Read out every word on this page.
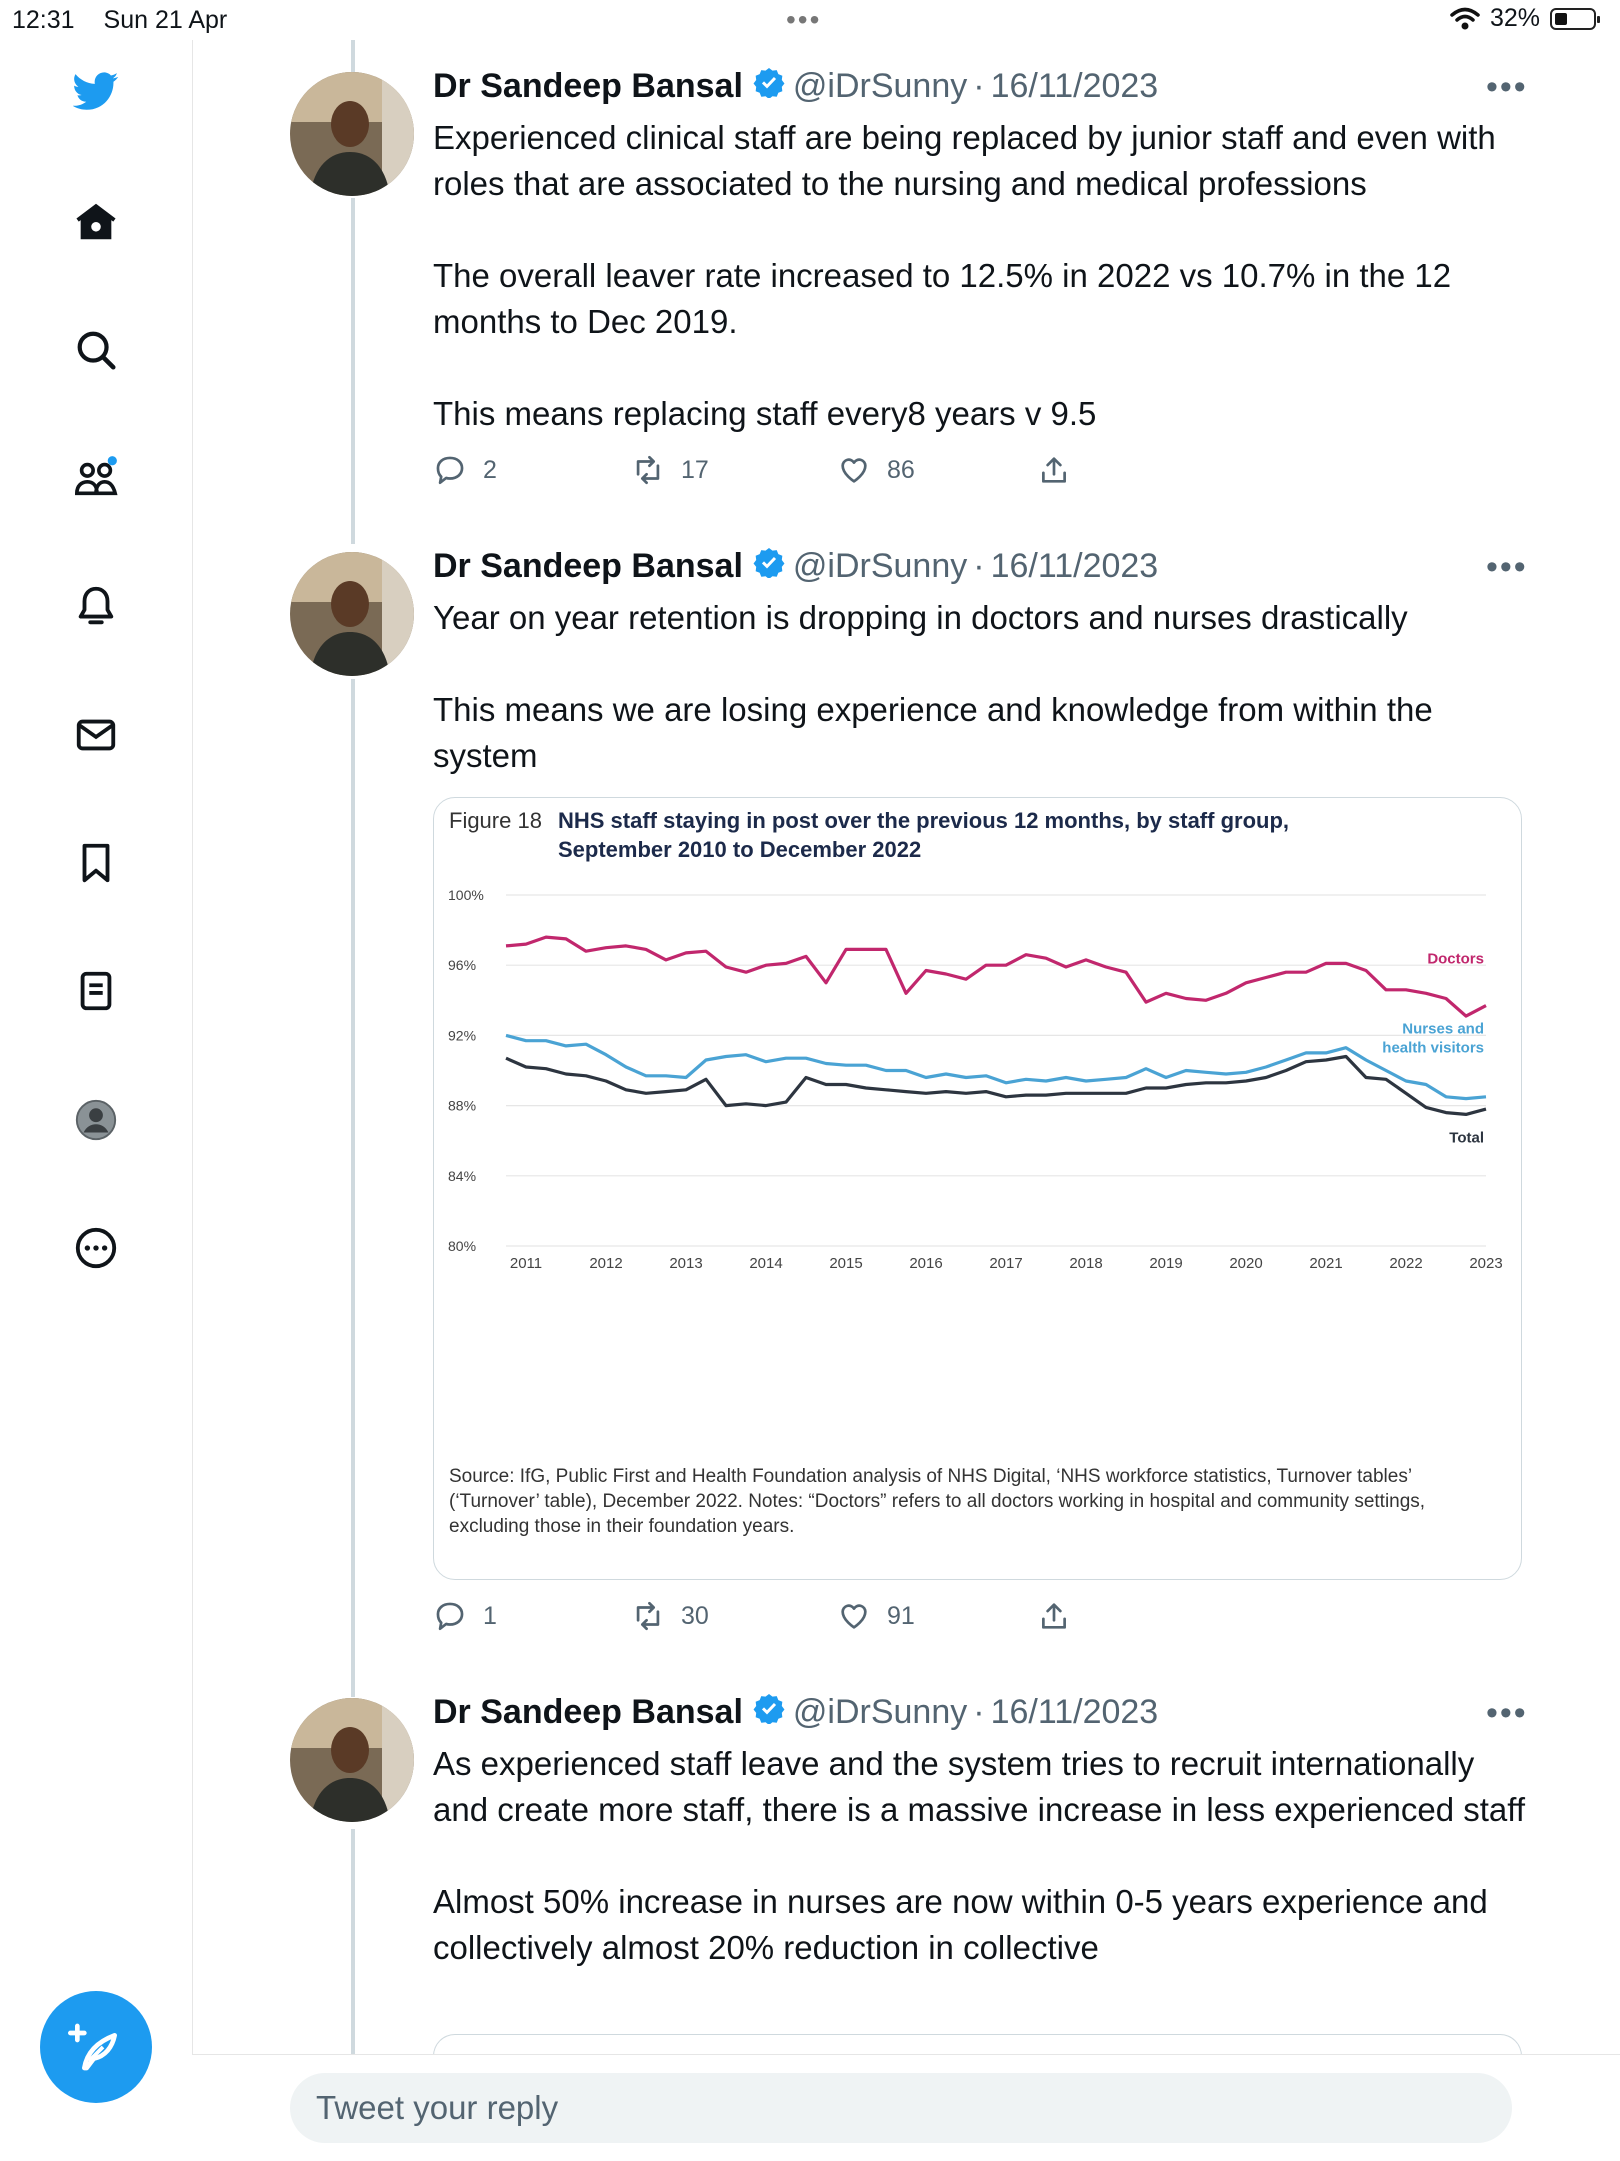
12:31 Sun 21 Apr	•••	32%
Dr Sandeep Bansal @iDrSunny · 16/11/2023	•••

Experienced clinical staff are being replaced by junior staff and even with roles that are associated to the nursing and medical professions

The overall leaver rate increased to 12.5% in 2022 vs 10.7% in the 12 months to Dec 2019.

This means replacing staff every8 years v 9.5

2	17	86
Dr Sandeep Bansal @iDrSunny · 16/11/2023	•••

Year on year retention is dropping in doctors and nurses drastically

This means we are losing experience and knowledge from within the system

Figure 18 NHS staff staying in post over the previous 12 months, by staff group,
September 2010 to December 2022
100%
96%
92%
88%
84%
80%
2011	2012	2013	2014	2015	2016	2017	2018	2019	2020	2021	2022	2023
Doctors
Nurses and
health visitors
Total
Source: IfG, Public First and Health Foundation analysis of NHS Digital, ‘NHS workforce statistics, Turnover tables’
(‘Turnover’ table), December 2022. Notes: “Doctors” refers to all doctors working in hospital and community settings,
excluding those in their foundation years.
1	30	91
Dr Sandeep Bansal @iDrSunny · 16/11/2023	•••

As experienced staff leave and the system tries to recruit internationally and create more staff, there is a massive increase in less experienced staff

Almost 50% increase in nurses are now within 0-5 years experience and collectively almost 20% reduction in collective

Tweet your reply
